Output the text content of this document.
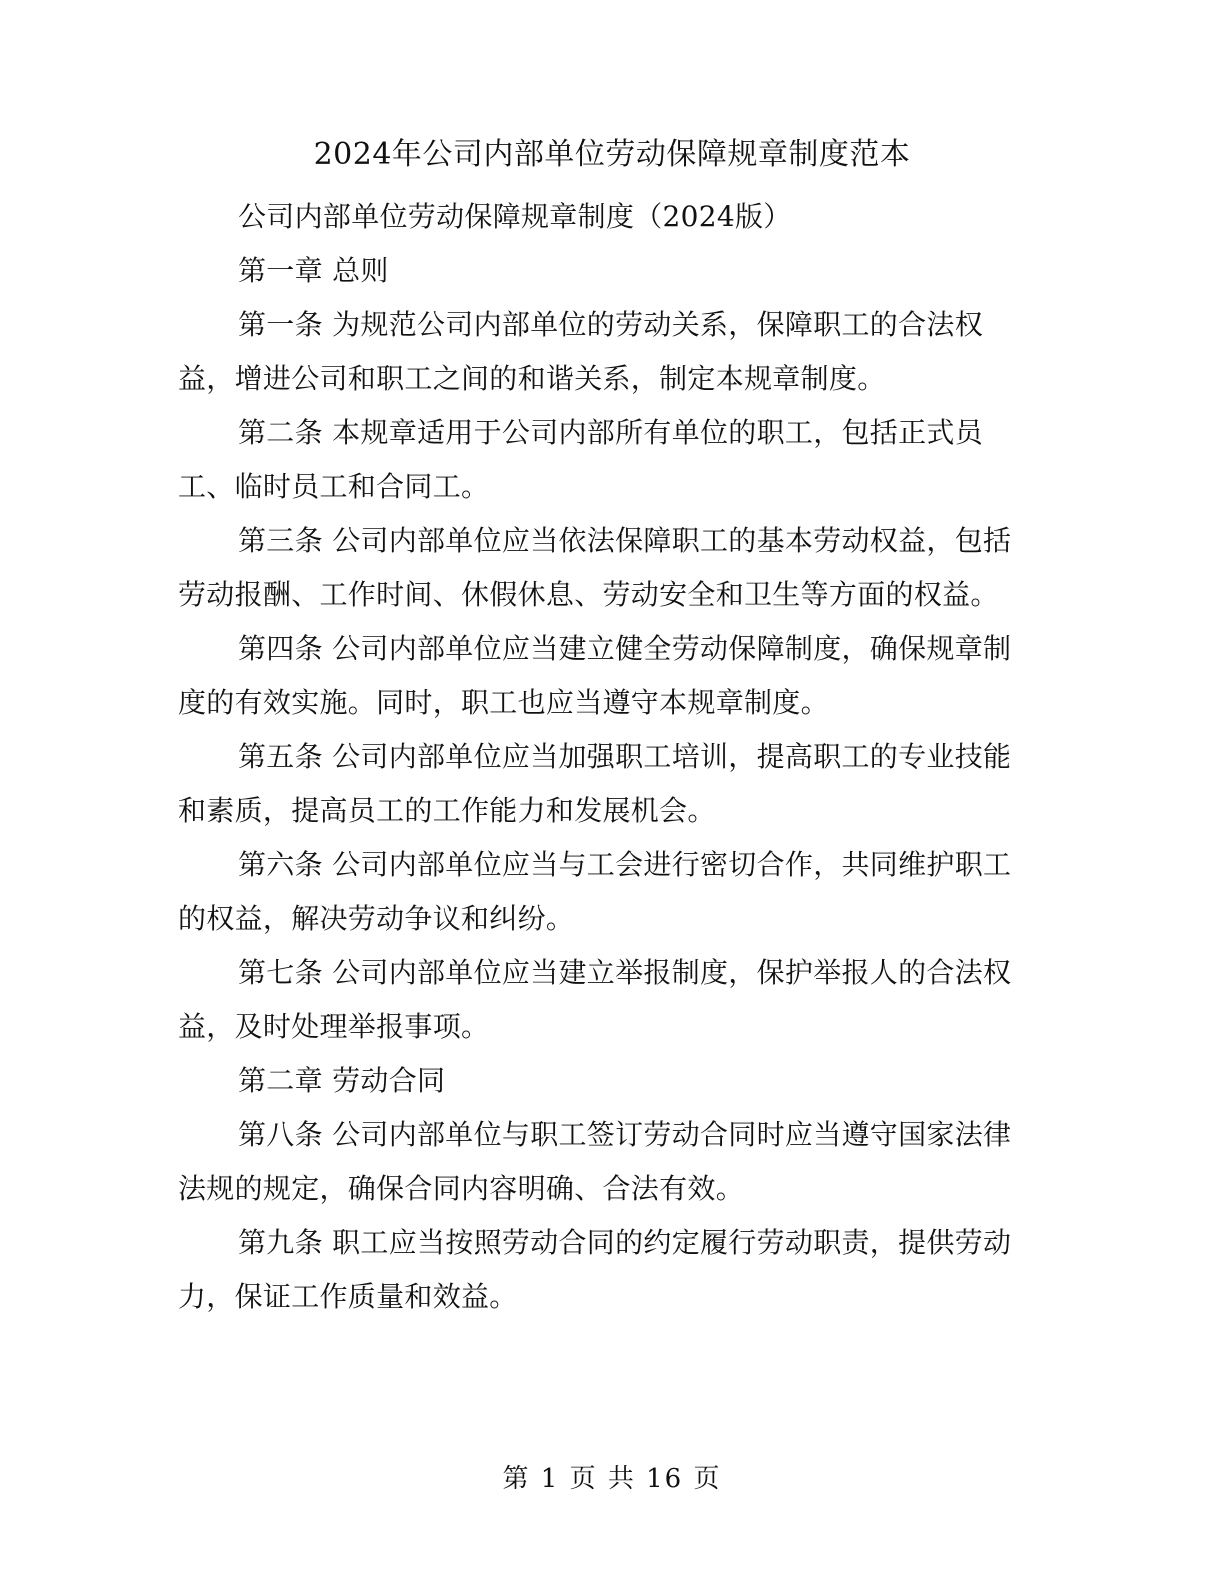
2024年公司内部单位劳动保障规章制度范本

公司内部单位劳动保障规章制度（2024版）

第一章 总则

第一条 为规范公司内部单位的劳动关系，保障职工的合法权益，增进公司和职工之间的和谐关系，制定本规章制度。

第二条 本规章适用于公司内部所有单位的职工，包括正式员工、临时员工和合同工。

第三条 公司内部单位应当依法保障职工的基本劳动权益，包括劳动报酬、工作时间、休假休息、劳动安全和卫生等方面的权益。

第四条 公司内部单位应当建立健全劳动保障制度，确保规章制度的有效实施。同时，职工也应当遵守本规章制度。

第五条 公司内部单位应当加强职工培训，提高职工的专业技能和素质，提高员工的工作能力和发展机会。

第六条 公司内部单位应当与工会进行密切合作，共同维护职工的权益，解决劳动争议和纠纷。

第七条 公司内部单位应当建立举报制度，保护举报人的合法权益，及时处理举报事项。

第二章 劳动合同

第八条 公司内部单位与职工签订劳动合同时应当遵守国家法律法规的规定，确保合同内容明确、合法有效。

第九条 职工应当按照劳动合同的约定履行劳动职责，提供劳动力，保证工作质量和效益。

第 1 页 共 16 页
